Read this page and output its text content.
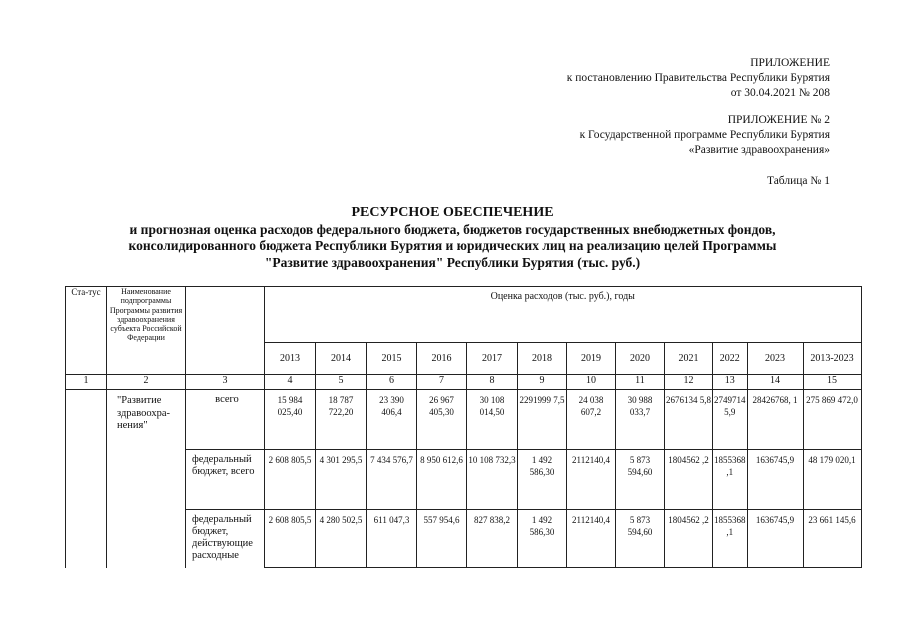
ПРИЛОЖЕНИЕ
к постановлению Правительства Республики Бурятия
от 30.04.2021 № 208
ПРИЛОЖЕНИЕ № 2
к Государственной программе Республики Бурятия
«Развитие здравоохранения»
Таблица № 1
РЕСУРСНОЕ ОБЕСПЕЧЕНИЕ
и прогнозная оценка расходов федерального бюджета, бюджетов государственных внебюджетных фондов,
консолидированного бюджета Республики Бурятия и юридических лиц на реализацию целей Программы
"Развитие здравоохранения" Республики Бурятия (тыс. руб.)
Ста-тус	Наименование подпрограммы Программы развития здравоохранения субъекта Российской Федерации		Оценка расходов (тыс. руб.), годы											
			2013	2014	2015	2016	2017	2018	2019	2020	2021	2022	2023	2013-2023
1	2	3	4	5	6	7	8	9	10	11	12	13	14	15
	"Развитие здравоохра-нения"	всего	15 984 025,40	18 787 722,20	23 390 406,4	26 967 405,30	30 108 014,50	2291999 7,5	24 038 607,2	30 988 033,7	2676134 5,8	2749714 5,9	28426768, 1	275 869 472,0
		федеральный бюджет, всего	2 608 805,5	4 301 295,5	7 434 576,7	8 950 612,6	10 108 732,3	1 492 586,30	2112140,4	5 873 594,60	1804562 ,2	1855368 ,1	1636745,9	48 179 020,1
		федеральный бюджет, действующие расходные	2 608 805,5	4 280 502,5	611 047,3	557 954,6	827 838,2	1 492 586,30	2112140,4	5 873 594,60	1804562 ,2	1855368 ,1	1636745,9	23 661 145,6
